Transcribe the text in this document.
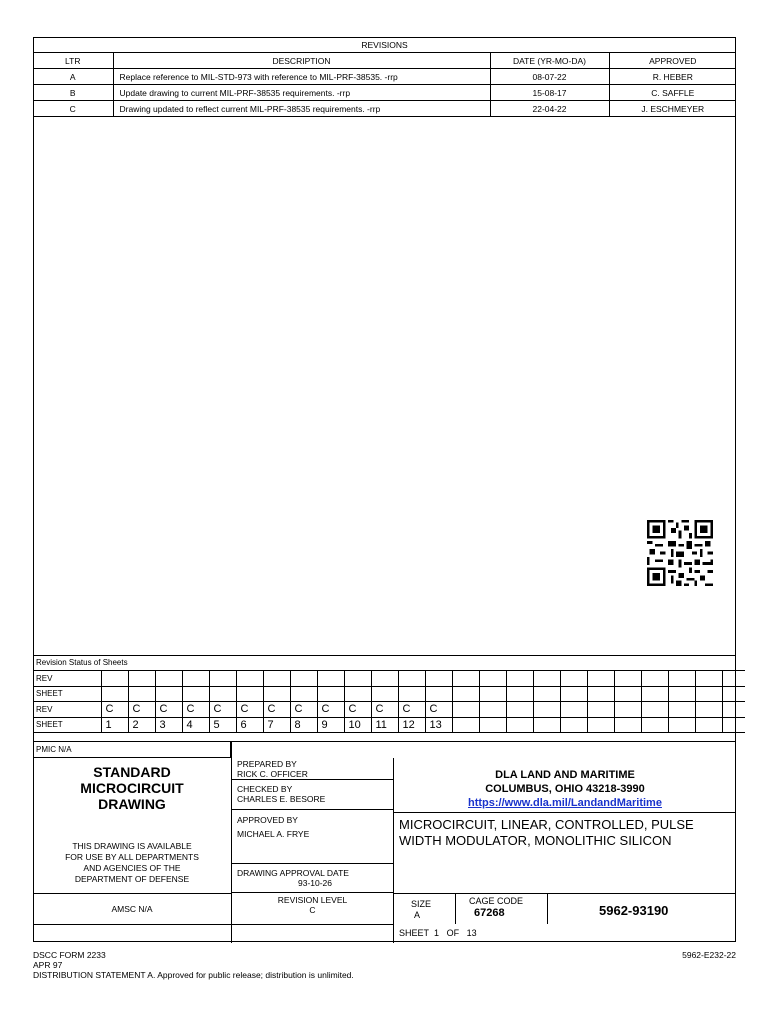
REVISIONS			
LTR	DESCRIPTION	DATE (YR-MO-DA)	APPROVED
A	Replace reference to MIL-STD-973 with reference to MIL-PRF-38535. -rrp	08-07-22	R. HEBER
B	Update drawing to current MIL-PRF-38535 requirements. -rrp	15-08-17	C. SAFFLE
C	Drawing updated to reflect current MIL-PRF-38535 requirements. -rrp	22-04-22	J. ESCHMEYER

Revision Status of Sheets
REV																								
SHEET																								
REV	C	C	C	C	C	C	C	C	C	C	C	C	C											
SHEET	1	2	3	4	5	6	7	8	9	10	11	12	13											
PMIC N/A
STANDARD
MICROCIRCUIT
DRAWING
THIS DRAWING IS AVAILABLE
FOR USE BY ALL DEPARTMENTS
AND AGENCIES OF THE
DEPARTMENT OF DEFENSE
AMSC N/A
PREPARED BY
RICK C. OFFICER
CHECKED BY
CHARLES E. BESORE
APPROVED BY
MICHAEL A. FRYE
DRAWING APPROVAL DATE
93-10-26
REVISION LEVEL
C
DLA LAND AND MARITIME
COLUMBUS, OHIO 43218-3990
https://www.dla.mil/LandandMaritime
MICROCIRCUIT, LINEAR, CONTROLLED, PULSE
WIDTH MODULATOR, MONOLITHIC SILICON
SIZE
A
CAGE CODE
67268	5962-93190
SHEET 1 OF 13
DSCC FORM 2233
APR 97
DISTRIBUTION STATEMENT A. Approved for public release; distribution is unlimited.
5962-E232-22
